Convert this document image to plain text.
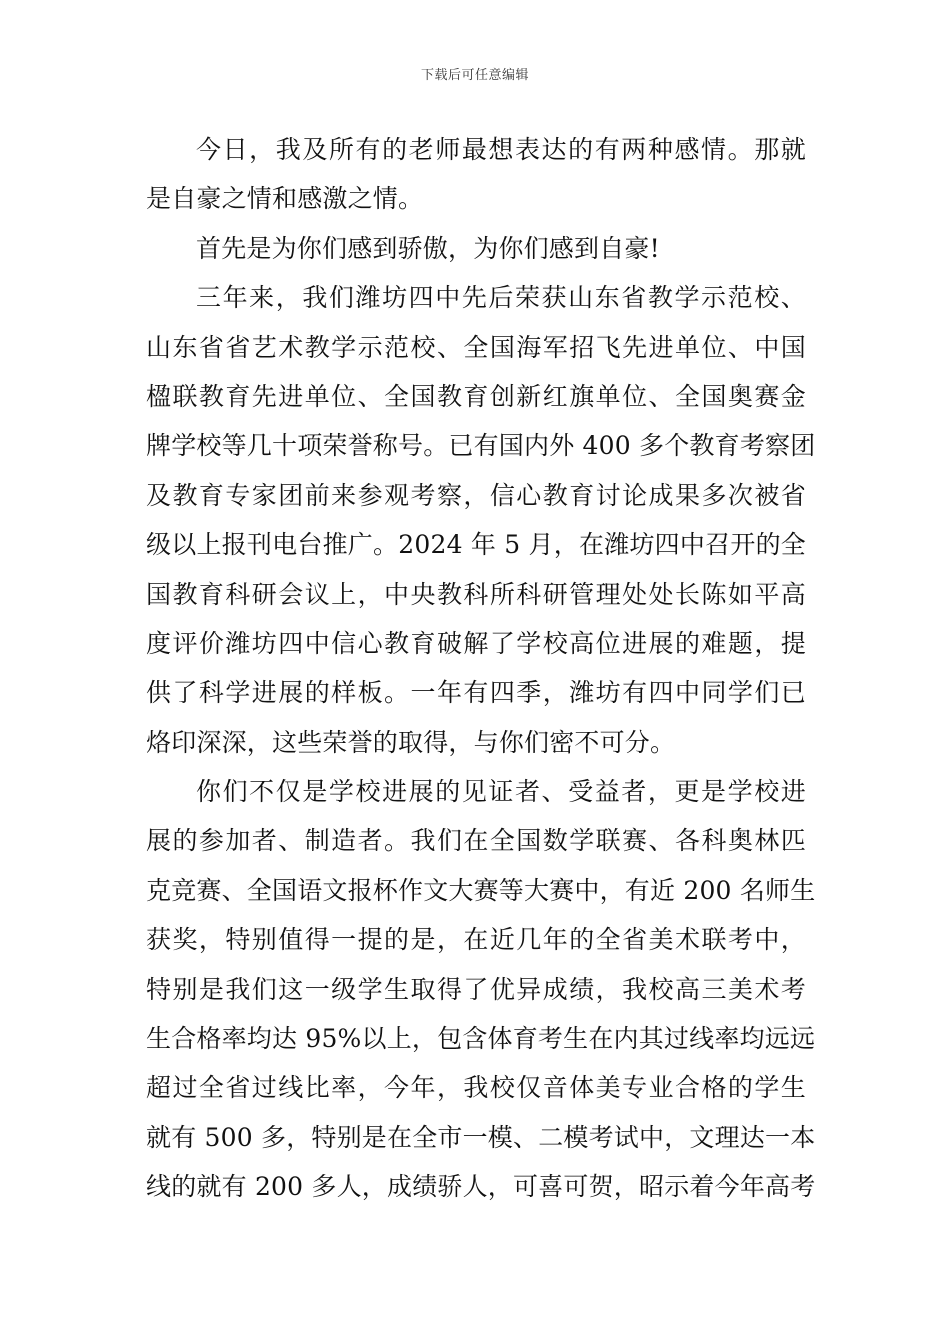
下载后可任意编辑
今日，我及所有的老师最想表达的有两种感情。那就
是自豪之情和感激之情。
首先是为你们感到骄傲，为你们感到自豪!
三年来，我们潍坊四中先后荣获山东省教学示范校、
山东省省艺术教学示范校、全国海军招飞先进单位、中国
楹联教育先进单位、全国教育创新红旗单位、全国奥赛金
牌学校等几十项荣誉称号。已有国内外 400 多个教育考察团
及教育专家团前来参观考察，信心教育讨论成果多次被省
级以上报刊电台推广。2024 年 5 月，在潍坊四中召开的全
国教育科研会议上，中央教科所科研管理处处长陈如平高
度评价潍坊四中信心教育破解了学校高位进展的难题，提
供了科学进展的样板。一年有四季，潍坊有四中同学们已
烙印深深，这些荣誉的取得，与你们密不可分。
你们不仅是学校进展的见证者、受益者，更是学校进
展的参加者、制造者。我们在全国数学联赛、各科奥林匹
克竞赛、全国语文报杯作文大赛等大赛中，有近 200 名师生
获奖，特别值得一提的是，在近几年的全省美术联考中，
特别是我们这一级学生取得了优异成绩，我校高三美术考
生合格率均达 95%以上，包含体育考生在内其过线率均远远
超过全省过线比率，今年，我校仅音体美专业合格的学生
就有 500 多，特别是在全市一模、二模考试中，文理达一本
线的就有 200 多人，成绩骄人，可喜可贺，昭示着今年高考
